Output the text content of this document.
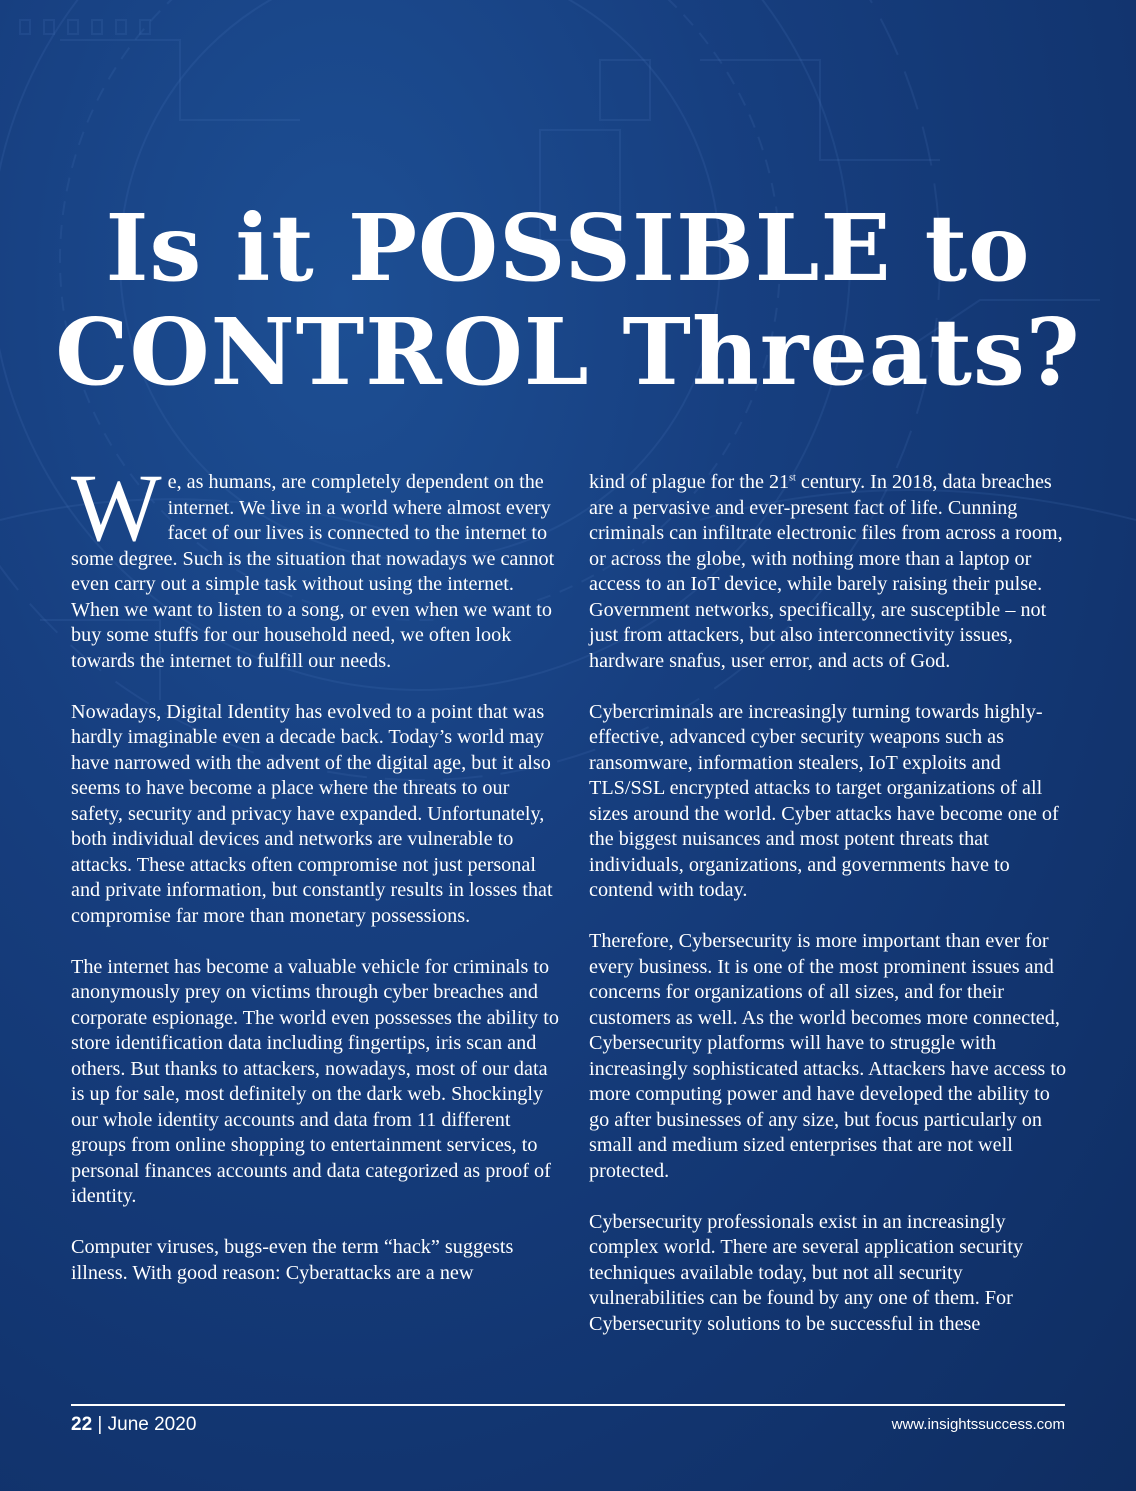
Is it POSSIBLE to
CONTROL Threats?

We, as humans, are completely dependent on the internet. We live in a world where almost every facet of our lives is connected to the internet to some degree. Such is the situation that nowadays we cannot even carry out a simple task without using the internet. When we want to listen to a song, or even when we want to buy some stuffs for our household need, we often look towards the internet to fulfill our needs.

Nowadays, Digital Identity has evolved to a point that was hardly imaginable even a decade back. Today’s world may have narrowed with the advent of the digital age, but it also seems to have become a place where the threats to our safety, security and privacy have expanded. Unfortunately, both individual devices and networks are vulnerable to attacks. These attacks often compromise not just personal and private information, but constantly results in losses that compromise far more than monetary possessions.

The internet has become a valuable vehicle for criminals to anonymously prey on victims through cyber breaches and corporate espionage. The world even possesses the ability to store identification data including fingertips, iris scan and others. But thanks to attackers, nowadays, most of our data is up for sale, most definitely on the dark web. Shockingly our whole identity accounts and data from 11 different groups from online shopping to entertainment services, to personal finances accounts and data categorized as proof of identity.

Computer viruses, bugs-even the term “hack” suggests illness. With good reason: Cyberattacks are a new

kind of plague for the 21st century. In 2018, data breaches are a pervasive and ever-present fact of life. Cunning criminals can infiltrate electronic files from across a room, or across the globe, with nothing more than a laptop or access to an IoT device, while barely raising their pulse. Government networks, specifically, are susceptible – not just from attackers, but also interconnectivity issues, hardware snafus, user error, and acts of God.

Cybercriminals are increasingly turning towards highly-effective, advanced cyber security weapons such as ransomware, information stealers, IoT exploits and TLS/SSL encrypted attacks to target organizations of all sizes around the world. Cyber attacks have become one of the biggest nuisances and most potent threats that individuals, organizations, and governments have to contend with today.

Therefore, Cybersecurity is more important than ever for every business. It is one of the most prominent issues and concerns for organizations of all sizes, and for their customers as well. As the world becomes more connected, Cybersecurity platforms will have to struggle with increasingly sophisticated attacks. Attackers have access to more computing power and have developed the ability to go after businesses of any size, but focus particularly on small and medium sized enterprises that are not well protected.

Cybersecurity professionals exist in an increasingly complex world. There are several application security techniques available today, but not all security vulnerabilities can be found by any one of them. For Cybersecurity solutions to be successful in these

22 | June 2020	www.insightssuccess.com
